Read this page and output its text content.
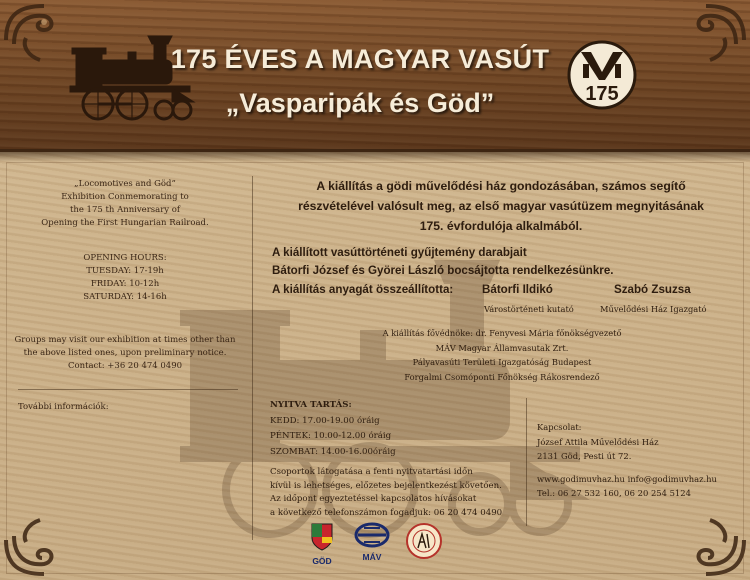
175 ÉVES A MAGYAR VASÚT
„Vasparipák és Göd”	175
„Locomotives and Göd”
Exhibition Conmemorating to
the 175 th Anniversary of
Opening the First Hungarian Railroad.
OPENING HOURS:
TUESDAY: 17-19h
FRIDAY: 10-12h
SATURDAY: 14-16h
Groups may visit our exhibition at times other than
the above listed ones, upon preliminary notice.
Contact: +36 20 474 0490
További információk:
A kiállítás a gödi művelődési ház gondozásában, számos segítő
részvételével valósult meg, az első magyar vasútüzem megnyitásának
175. évfordulója alkalmából.
A kiállított vasúttörténeti gyűjtemény darabjait
Bátorfi József és Györei László bocsájtotta rendelkezésünkre.
A kiállítás anyagát összeállította: Bátorfi Ildikó
Várostörténeti kutató
Szabó Zsuzsa
Művelődési Ház Igazgató
A kiállítás fővédnöke: dr. Fenyvesi Mária főnökségvezető
MÁV Magyar Államvasutak Zrt.
Pályavasúti Területi Igazgatóság Budapest
Forgalmi Csomóponti Főnökség Rákosrendező
NYITVA TARTÁS:
KEDD: 17.00-19.00 óráig
PÉNTEK: 10.00-12.00 óráig
SZOMBAT: 14.00-16.00óráig
Csoportok látogatása a fenti nyitvatartási időn
kívül is lehetséges, előzetes bejelentkezést követően.
Az időpont egyeztetéssel kapcsolatos hívásokat
a következő telefonszámon fogadjuk: 06 20 474 0490
Kapcsolat:
József Attila Művelődési Ház
2131 Göd, Pesti út 72.
www.godimuvhaz.hu info@godimuvhaz.hu
Tel.: 06 27 532 160, 06 20 254 5124
GÖD	MÁV
